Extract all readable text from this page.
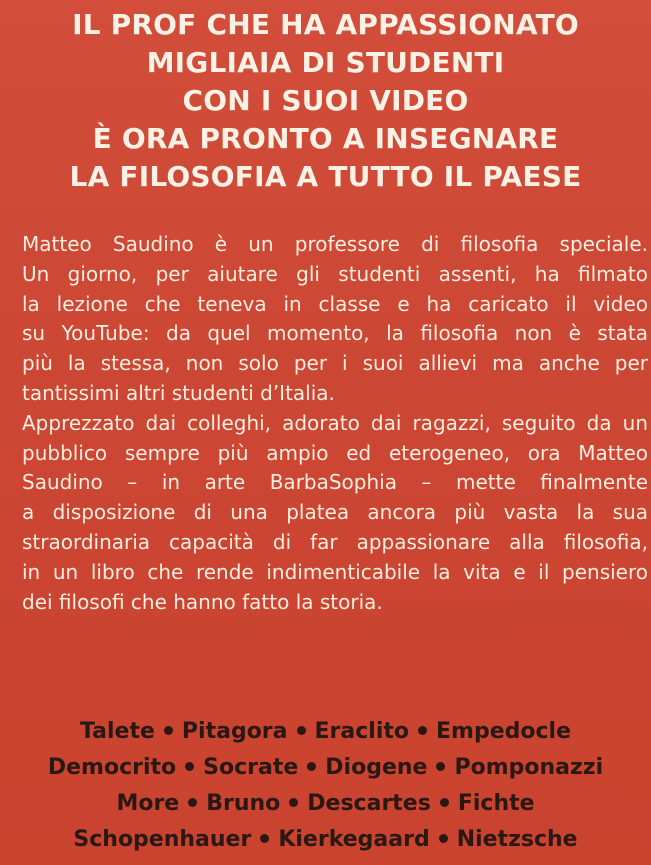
IL PROF CHE HA APPASSIONATO
MIGLIAIA DI STUDENTI
CON I SUOI VIDEO
È ORA PRONTO A INSEGNARE
LA FILOSOFIA A TUTTO IL PAESE
Matteo Saudino è un professore di filosofia speciale.
Un giorno, per aiutare gli studenti assenti, ha filmato
la lezione che teneva in classe e ha caricato il video
su YouTube: da quel momento, la filosofia non è stata
più la stessa, non solo per i suoi allievi ma anche per
tantissimi altri studenti d’Italia.
Apprezzato dai colleghi, adorato dai ragazzi, seguito da un
pubblico sempre più ampio ed eterogeneo, ora Matteo
Saudino – in arte BarbaSophia – mette finalmente
a disposizione di una platea ancora più vasta la sua
straordinaria capacità di far appassionare alla filosofia,
in un libro che rende indimenticabile la vita e il pensiero
dei filosofi che hanno fatto la storia.
Talete Pitagora Eraclito Empedocle
Democrito Socrate Diogene Pomponazzi
More Bruno Descartes Fichte
Schopenhauer Kierkegaard Nietzsche
